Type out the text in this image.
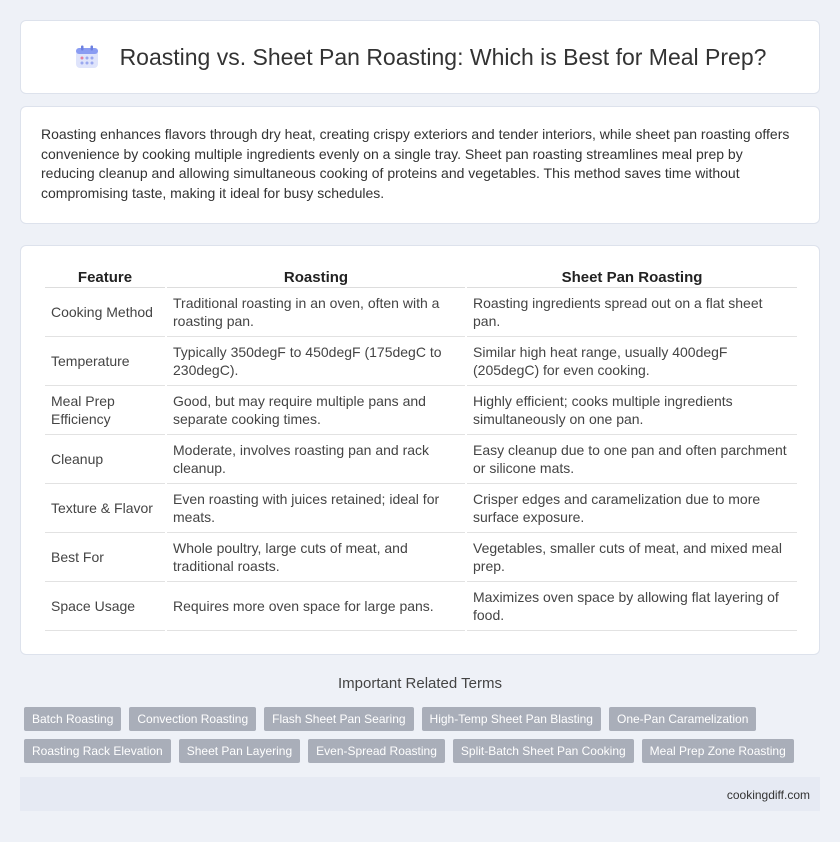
Roasting vs. Sheet Pan Roasting: Which is Best for Meal Prep?

Roasting enhances flavors through dry heat, creating crispy exteriors and tender interiors, while sheet pan roasting offers convenience by cooking multiple ingredients evenly on a single tray. Sheet pan roasting streamlines meal prep by reducing cleanup and allowing simultaneous cooking of proteins and vegetables. This method saves time without compromising taste, making it ideal for busy schedules.

Feature	Roasting	Sheet Pan Roasting
Cooking Method	Traditional roasting in an oven, often with a roasting pan.	Roasting ingredients spread out on a flat sheet pan.
Temperature	Typically 350degF to 450degF (175degC to 230degC).	Similar high heat range, usually 400degF (205degC) for even cooking.
Meal Prep Efficiency	Good, but may require multiple pans and separate cooking times.	Highly efficient; cooks multiple ingredients simultaneously on one pan.
Cleanup	Moderate, involves roasting pan and rack cleanup.	Easy cleanup due to one pan and often parchment or silicone mats.
Texture & Flavor	Even roasting with juices retained; ideal for meats.	Crisper edges and caramelization due to more surface exposure.
Best For	Whole poultry, large cuts of meat, and traditional roasts.	Vegetables, smaller cuts of meat, and mixed meal prep.
Space Usage	Requires more oven space for large pans.	Maximizes oven space by allowing flat layering of food.
Important Related Terms
Batch Roasting	Convection Roasting	Flash Sheet Pan Searing	High-Temp Sheet Pan Blasting	One-Pan Caramelization
Roasting Rack Elevation	Sheet Pan Layering	Even-Spread Roasting	Split-Batch Sheet Pan Cooking	Meal Prep Zone Roasting
cookingdiff.com
